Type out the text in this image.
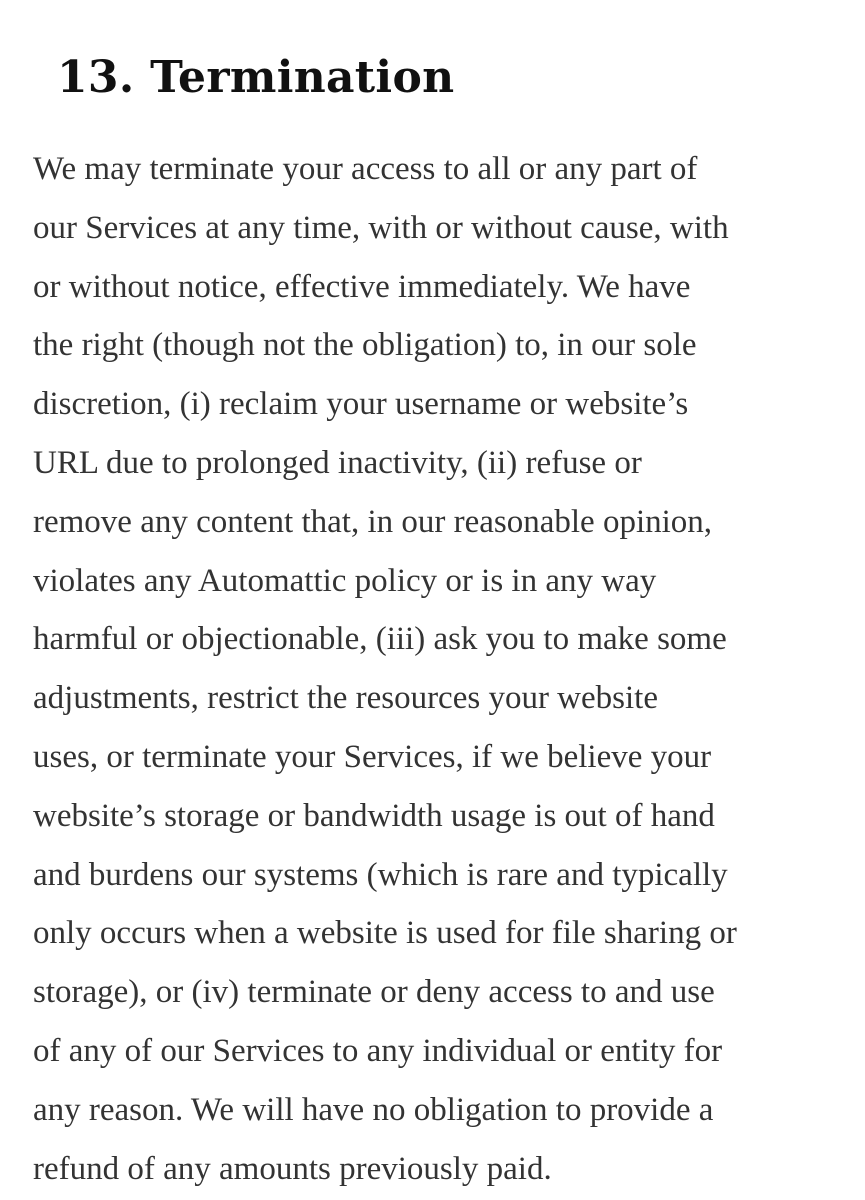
13. Termination

We may terminate your access to all or any part of
our Services at any time, with or without cause, with
or without notice, effective immediately. We have
the right (though not the obligation) to, in our sole
discretion, (i) reclaim your username or website’s
URL due to prolonged inactivity, (ii) refuse or
remove any content that, in our reasonable opinion,
violates any Automattic policy or is in any way
harmful or objectionable, (iii) ask you to make some
adjustments, restrict the resources your website
uses, or terminate your Services, if we believe your
website’s storage or bandwidth usage is out of hand
and burdens our systems (which is rare and typically
only occurs when a website is used for file sharing or
storage), or (iv) terminate or deny access to and use
of any of our Services to any individual or entity for
any reason. We will have no obligation to provide a
refund of any amounts previously paid.
